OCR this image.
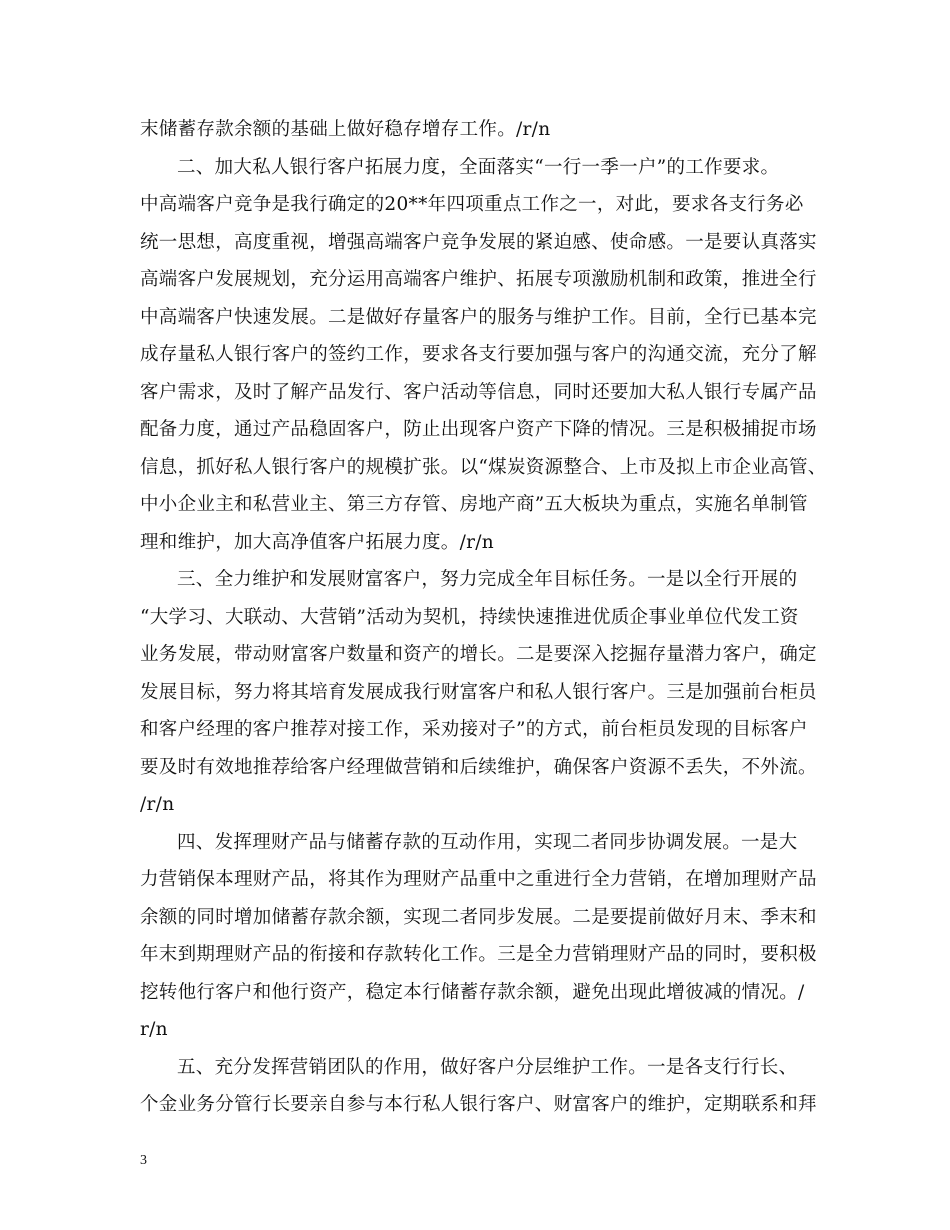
末储蓄存款余额的基础上做好稳存增存工作。/r/n
二、加大私人银行客户拓展力度，全面落实“一行一季一户”的工作要求。
中高端客户竞争是我行确定的20**年四项重点工作之一，对此，要求各支行务必
统一思想，高度重视，增强高端客户竞争发展的紧迫感、使命感。一是要认真落实
高端客户发展规划，充分运用高端客户维护、拓展专项激励机制和政策，推进全行
中高端客户快速发展。二是做好存量客户的服务与维护工作。目前，全行已基本完
成存量私人银行客户的签约工作，要求各支行要加强与客户的沟通交流，充分了解
客户需求，及时了解产品发行、客户活动等信息，同时还要加大私人银行专属产品
配备力度，通过产品稳固客户，防止出现客户资产下降的情况。三是积极捕捉市场
信息，抓好私人银行客户的规模扩张。以“煤炭资源整合、上市及拟上市企业高管、
中小企业主和私营业主、第三方存管、房地产商”五大板块为重点，实施名单制管
理和维护，加大高净值客户拓展力度。/r/n
三、全力维护和发展财富客户，努力完成全年目标任务。一是以全行开展的
“大学习、大联动、大营销”活动为契机，持续快速推进优质企事业单位代发工资
业务发展，带动财富客户数量和资产的增长。二是要深入挖掘存量潜力客户，确定
发展目标，努力将其培育发展成我行财富客户和私人银行客户。三是加强前台柜员
和客户经理的客户推荐对接工作，采劝接对子”的方式，前台柜员发现的目标客户
要及时有效地推荐给客户经理做营销和后续维护，确保客户资源不丢失，不外流。
/r/n
四、发挥理财产品与储蓄存款的互动作用，实现二者同步协调发展。一是大
力营销保本理财产品，将其作为理财产品重中之重进行全力营销，在增加理财产品
余额的同时增加储蓄存款余额，实现二者同步发展。二是要提前做好月末、季末和
年末到期理财产品的衔接和存款转化工作。三是全力营销理财产品的同时，要积极
挖转他行客户和他行资产，稳定本行储蓄存款余额，避免出现此增彼减的情况。/
r/n
五、充分发挥营销团队的作用，做好客户分层维护工作。一是各支行行长、
个金业务分管行长要亲自参与本行私人银行客户、财富客户的维护，定期联系和拜
3
